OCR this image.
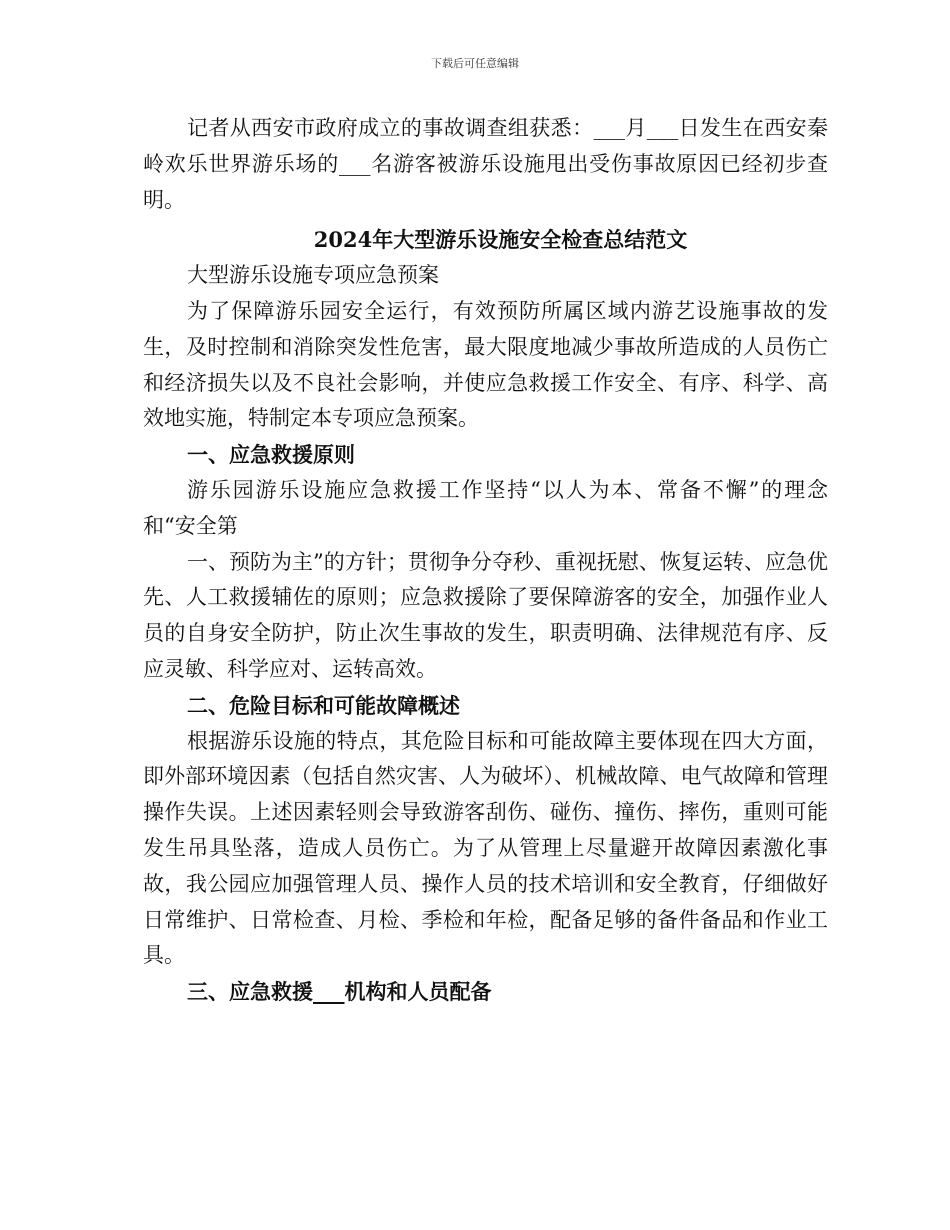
下载后可任意编辑

记者从西安市政府成立的事故调查组获悉：___月___日发生在西安秦岭欢乐世界游乐场的___名游客被游乐设施甩出受伤事故原因已经初步查明。

2024年大型游乐设施安全检查总结范文

大型游乐设施专项应急预案

为了保障游乐园安全运行，有效预防所属区域内游艺设施事故的发生，及时控制和消除突发性危害，最大限度地减少事故所造成的人员伤亡和经济损失以及不良社会影响，并使应急救援工作安全、有序、科学、高效地实施，特制定本专项应急预案。

一、应急救援原则

游乐园游乐设施应急救援工作坚持“以人为本、常备不懈”的理念和“安全第

一、预防为主”的方针；贯彻争分夺秒、重视抚慰、恢复运转、应急优先、人工救援辅佐的原则；应急救援除了要保障游客的安全，加强作业人员的自身安全防护，防止次生事故的发生，职责明确、法律规范有序、反应灵敏、科学应对、运转高效。

二、危险目标和可能故障概述

根据游乐设施的特点，其危险目标和可能故障主要体现在四大方面，即外部环境因素（包括自然灾害、人为破坏）、机械故障、电气故障和管理操作失误。上述因素轻则会导致游客刮伤、碰伤、撞伤、摔伤，重则可能发生吊具坠落，造成人员伤亡。为了从管理上尽量避开故障因素激化事故，我公园应加强管理人员、操作人员的技术培训和安全教育，仔细做好日常维护、日常检查、月检、季检和年检，配备足够的备件备品和作业工具。

三、应急救援___机构和人员配备
